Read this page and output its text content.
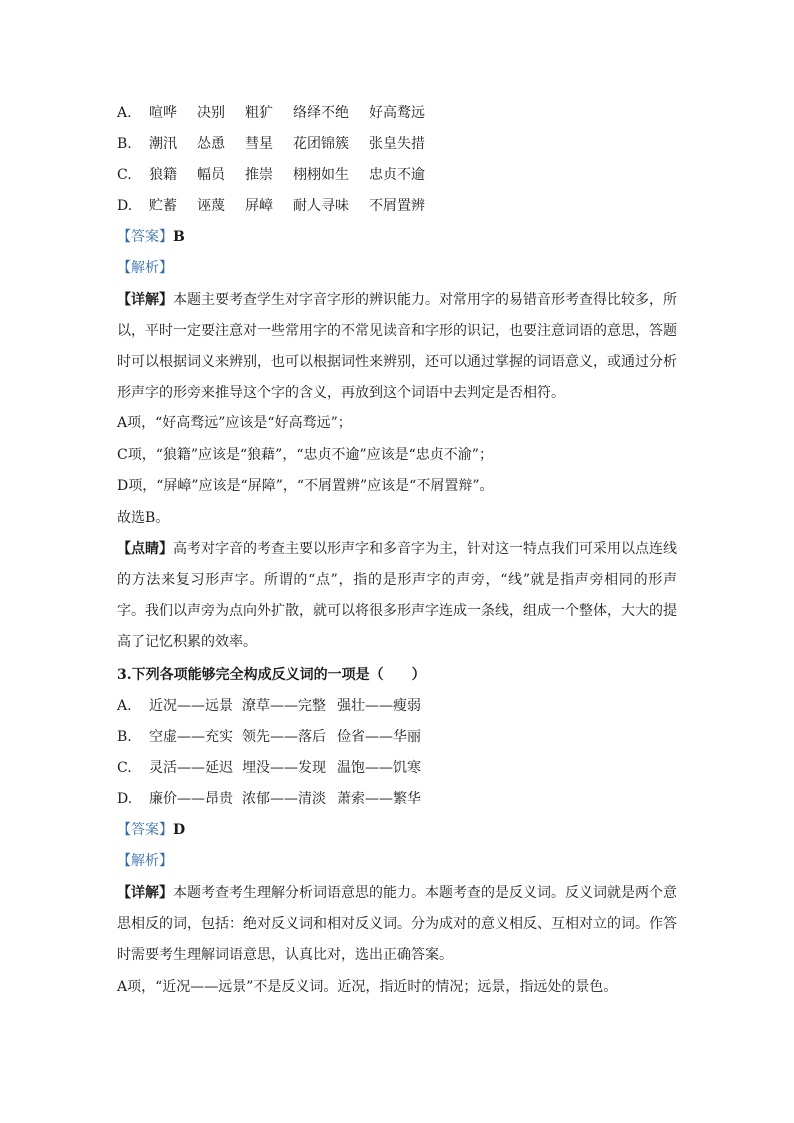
A.	喧哗	决别	粗犷	络绎不绝	好高鹜远
B.	潮汛	怂恿	彗星	花团锦簇	张皇失措
C.	狼籍	幅员	推崇	栩栩如生	忠贞不逾
D.	贮蓄	诬蔑	屏嶂	耐人寻味	不屑置辨
【答案】B
【解析】
【详解】本题主要考查学生对字音字形的辨识能力。对常用字的易错音形考查得比较多，所以，平时一定要注意对一些常用字的不常见读音和字形的识记，也要注意词语的意思，答题时可以根据词义来辨别，也可以根据词性来辨别，还可以通过掌握的词语意义，或通过分析形声字的形旁来推导这个字的含义，再放到这个词语中去判定是否相符。
A项，“好高骛远”应该是“好高骛远”；
C项，“狼籍”应该是“狼藉”，“忠贞不逾”应该是“忠贞不渝”；
D项，“屏嶂”应该是“屏障”，“不屑置辨”应该是“不屑置辩”。
故选B。
【点睛】高考对字音的考查主要以形声字和多音字为主，针对这一特点我们可采用以点连线的方法来复习形声字。所谓的“点”，指的是形声字的声旁，“线”就是指声旁相同的形声字。我们以声旁为点向外扩散，就可以将很多形声字连成一条线，组成一个整体，大大的提高了记忆积累的效率。
3.下列各项能够完全构成反义词的一项是（　　）
A.	近况——远景 潦草——完整 强壮——瘦弱
B.	空虚——充实 领先——落后 俭省——华丽
C.	灵活——延迟 埋没——发现 温饱——饥寒
D.	廉价——昂贵 浓郁——清淡 萧索——繁华
【答案】D
【解析】
【详解】本题考查考生理解分析词语意思的能力。本题考查的是反义词。反义词就是两个意思相反的词，包括：绝对反义词和相对反义词。分为成对的意义相反、互相对立的词。作答时需要考生理解词语意思，认真比对，选出正确答案。
A项，“近况——远景”不是反义词。近况，指近时的情况；远景，指远处的景色。
